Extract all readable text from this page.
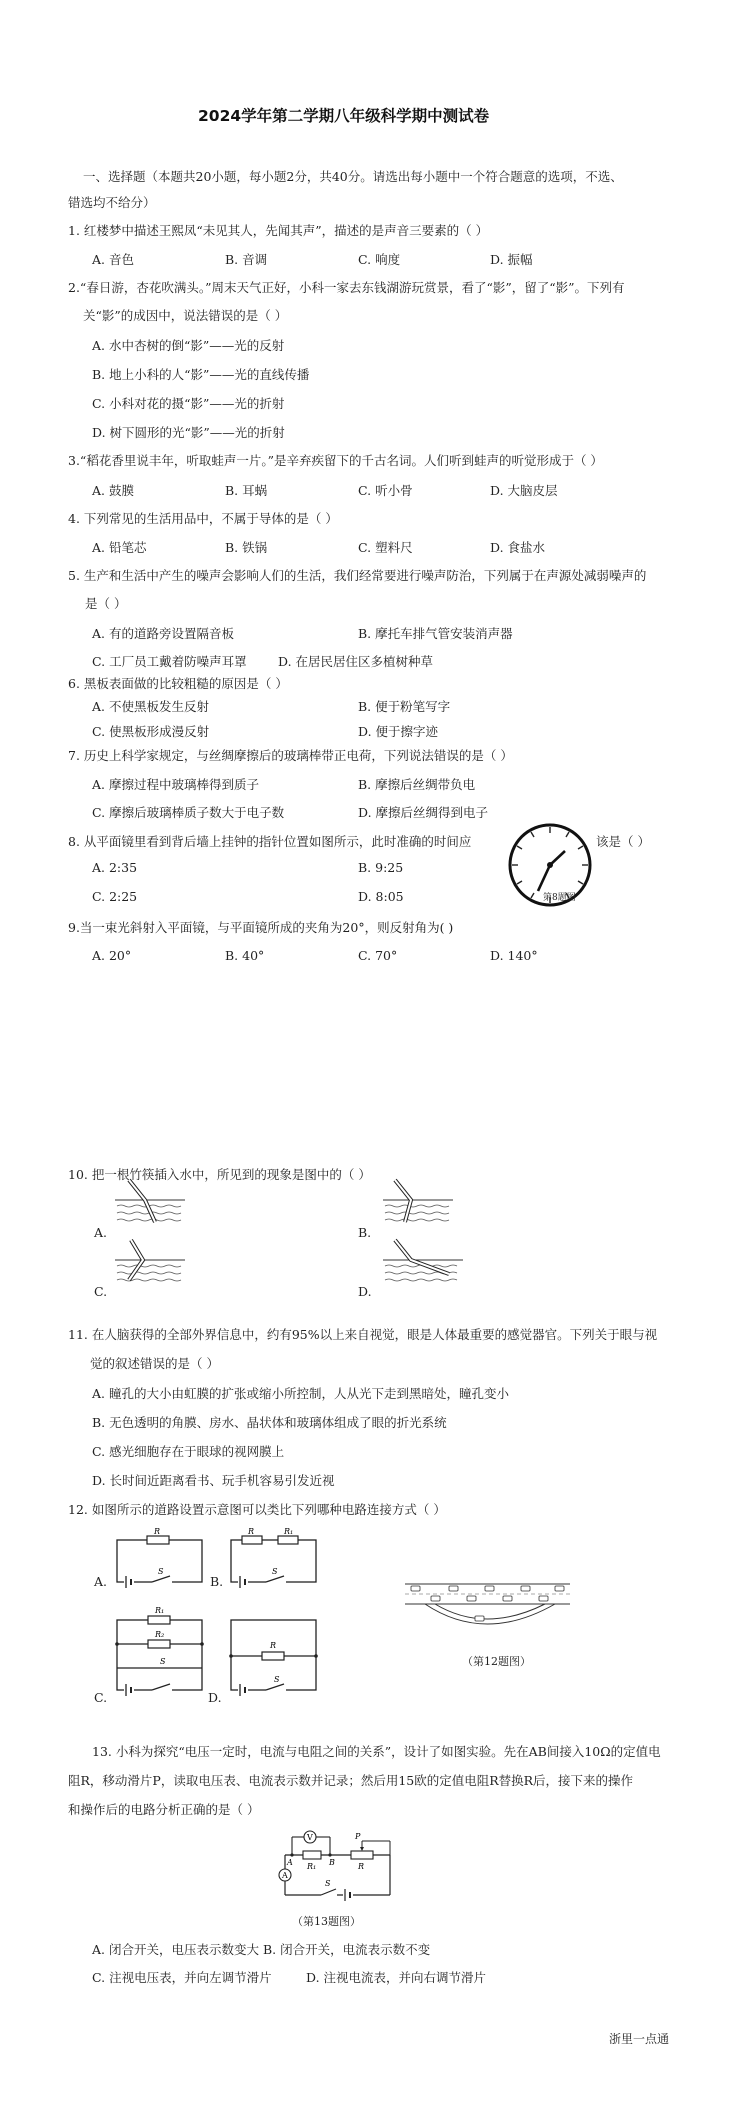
2024学年第二学期八年级科学期中测试卷
一、选择题（本题共20小题，每小题2分，共40分。请选出每小题中一个符合题意的选项，不选、
错选均不给分）
1. 红楼梦中描述王熙凤“未见其人，先闻其声”，描述的是声音三要素的（ ）
A. 音色	B. 音调	C. 响度	D. 振幅
2.“春日游，杏花吹满头。”周末天气正好，小科一家去东钱湖游玩赏景，看了“影”，留了“影”。下列有
关“影”的成因中，说法错误的是（ ）
A. 水中杏树的倒“影”——光的反射
B. 地上小科的人“影”——光的直线传播
C. 小科对花的摄“影”——光的折射
D. 树下圆形的光“影”——光的折射
3.“稻花香里说丰年，听取蛙声一片。”是辛弃疾留下的千古名词。人们听到蛙声的听觉形成于（ ）
A. 鼓膜	B. 耳蜗	C. 听小骨	D. 大脑皮层
4. 下列常见的生活用品中，不属于导体的是（ ）
A. 铅笔芯	B. 铁锅	C. 塑料尺	D. 食盐水
5. 生产和生活中产生的噪声会影响人们的生活，我们经常要进行噪声防治，下列属于在声源处减弱噪声的
是（ ）
A. 有的道路旁设置隔音板	B. 摩托车排气管安装消声器
C. 工厂员工戴着防噪声耳罩	D. 在居民居住区多植树种草
6. 黑板表面做的比较粗糙的原因是（ ）
A. 不使黑板发生反射	B. 便于粉笔写字
C. 使黑板形成漫反射	D. 便于擦字迹
7. 历史上科学家规定，与丝绸摩擦后的玻璃棒带正电荷，下列说法错误的是（ ）
A. 摩擦过程中玻璃棒得到质子	B. 摩擦后丝绸带负电
C. 摩擦后玻璃棒质子数大于电子数	D. 摩擦后丝绸得到电子
8. 从平面镜里看到背后墙上挂钟的指针位置如图所示，此时准确的时间应	该是（ ）
A. 2:35	B. 9:25
C. 2:25	D. 8:05	第8题图
9.当一束光斜射入平面镜，与平面镜所成的夹角为20°，则反射角为( )
A. 20°	B. 40°	C. 70°	D. 140°
10. 把一根竹筷插入水中，所见到的现象是图中的（ ）
A.	B.
C.	D.
11. 在人脑获得的全部外界信息中，约有95%以上来自视觉，眼是人体最重要的感觉器官。下列关于眼与视
觉的叙述错误的是（ ）
A. 瞳孔的大小由虹膜的扩张或缩小所控制，人从光下走到黑暗处，瞳孔变小
B. 无色透明的角膜、房水、晶状体和玻璃体组成了眼的折光系统
C. 感光细胞存在于眼球的视网膜上
D. 长时间近距离看书、玩手机容易引发近视
12. 如图所示的道路设置示意图可以类比下列哪种电路连接方式（ ）
A.	B.
C.	D.
R
S
R	R₁
S
R₁
R₂
S
R
S
（第12题图）
13. 小科为探究“电压一定时，电流与电阻之间的关系”，设计了如图实验。先在AB间接入10Ω的定值电
阻R，移动滑片P，读取电压表、电流表示数并记录；然后用15欧的定值电阻R替换R后，接下来的操作
和操作后的电路分析正确的是（ ）
V
A	B
R₁
P
R
A
S
（第13题图）
A. 闭合开关，电压表示数变大 B. 闭合开关，电流表示数不变
C. 注视电压表，并向左调节滑片	D. 注视电流表，并向右调节滑片
浙里一点通
